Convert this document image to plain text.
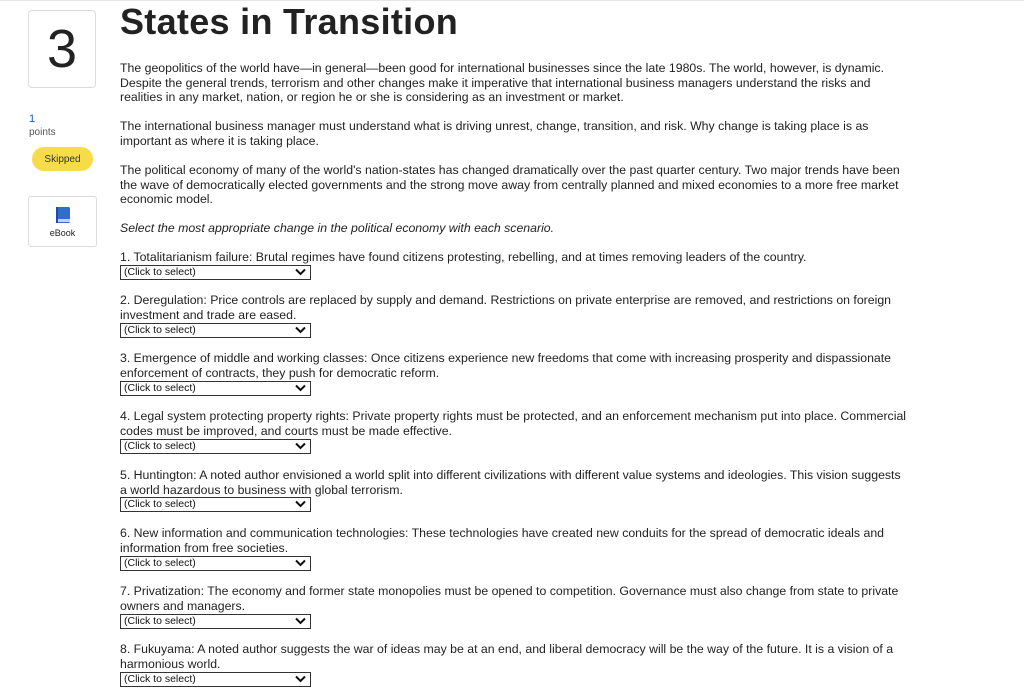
3
1
points
Skipped
eBook
States in Transition
The geopolitics of the world have—in general—been good for international businesses since the late 1980s. The world, however, is dynamic. Despite the general trends, terrorism and other changes make it imperative that international business managers understand the risks and realities in any market, nation, or region he or she is considering as an investment or market.
The international business manager must understand what is driving unrest, change, transition, and risk. Why change is taking place is as important as where it is taking place.
The political economy of many of the world's nation-states has changed dramatically over the past quarter century. Two major trends have been the wave of democratically elected governments and the strong move away from centrally planned and mixed economies to a more free market economic model.
Select the most appropriate change in the political economy with each scenario.
1. Totalitarianism failure: Brutal regimes have found citizens protesting, rebelling, and at times removing leaders of the country.
(Click to select)
2. Deregulation: Price controls are replaced by supply and demand. Restrictions on private enterprise are removed, and restrictions on foreign investment and trade are eased.
(Click to select)
3. Emergence of middle and working classes: Once citizens experience new freedoms that come with increasing prosperity and dispassionate enforcement of contracts, they push for democratic reform.
(Click to select)
4. Legal system protecting property rights: Private property rights must be protected, and an enforcement mechanism put into place. Commercial codes must be improved, and courts must be made effective.
(Click to select)
5. Huntington: A noted author envisioned a world split into different civilizations with different value systems and ideologies. This vision suggests a world hazardous to business with global terrorism.
(Click to select)
6. New information and communication technologies: These technologies have created new conduits for the spread of democratic ideals and information from free societies.
(Click to select)
7. Privatization: The economy and former state monopolies must be opened to competition. Governance must also change from state to private owners and managers.
(Click to select)
8. Fukuyama: A noted author suggests the war of ideas may be at an end, and liberal democracy will be the way of the future. It is a vision of a harmonious world.
(Click to select)
